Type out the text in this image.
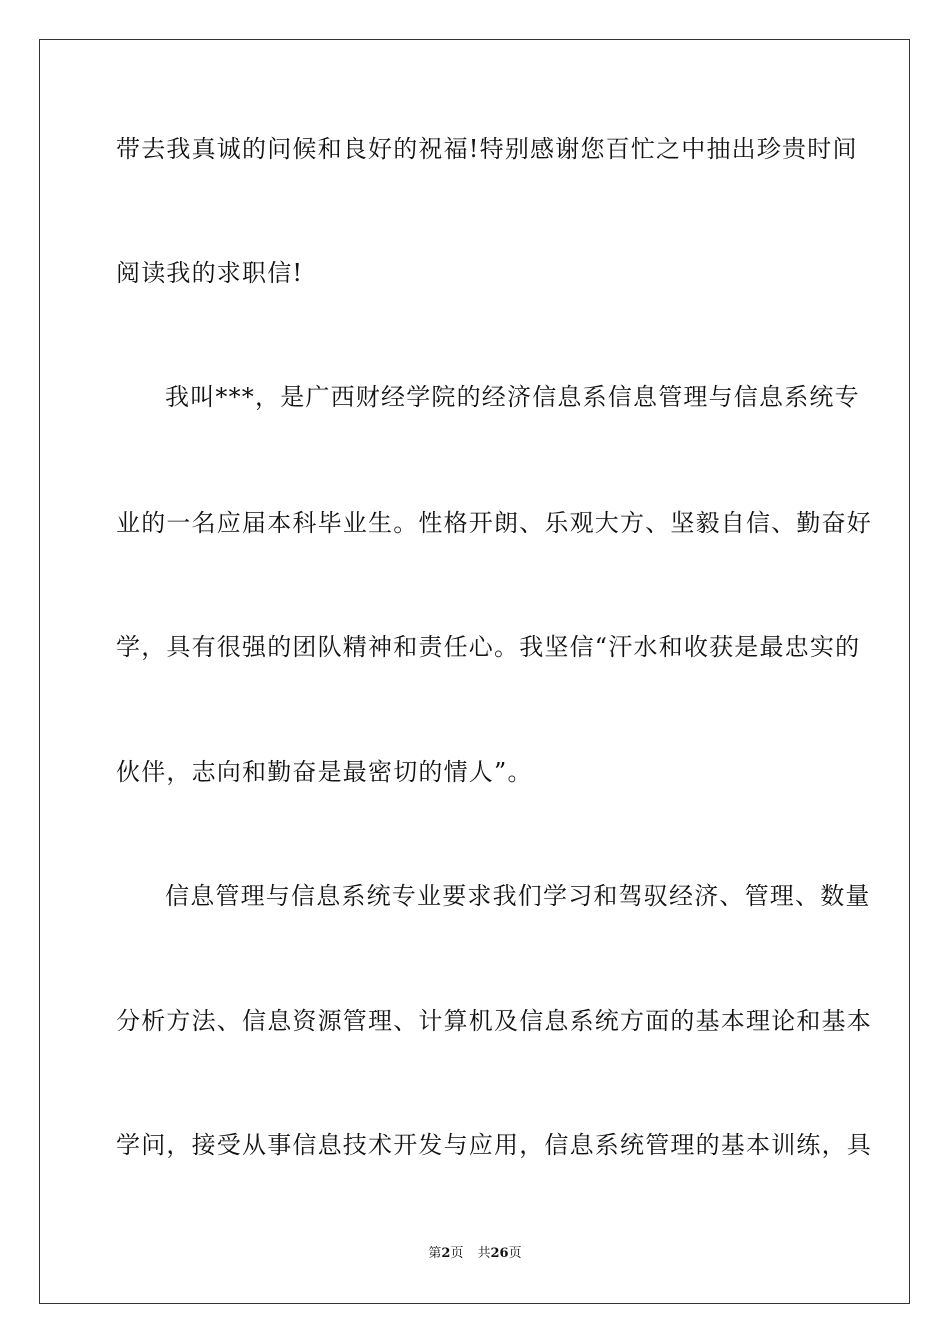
带去我真诚的问候和良好的祝福!特别感谢您百忙之中抽出珍贵时间
阅读我的求职信!
我叫***，是广西财经学院的经济信息系信息管理与信息系统专
业的一名应届本科毕业生。性格开朗、乐观大方、坚毅自信、勤奋好
学，具有很强的团队精神和责任心。我坚信“汗水和收获是最忠实的
伙伴，志向和勤奋是最密切的情人”。
信息管理与信息系统专业要求我们学习和驾驭经济、管理、数量
分析方法、信息资源管理、计算机及信息系统方面的基本理论和基本
学问，接受从事信息技术开发与应用，信息系统管理的基本训练，具
第2页 共26页
